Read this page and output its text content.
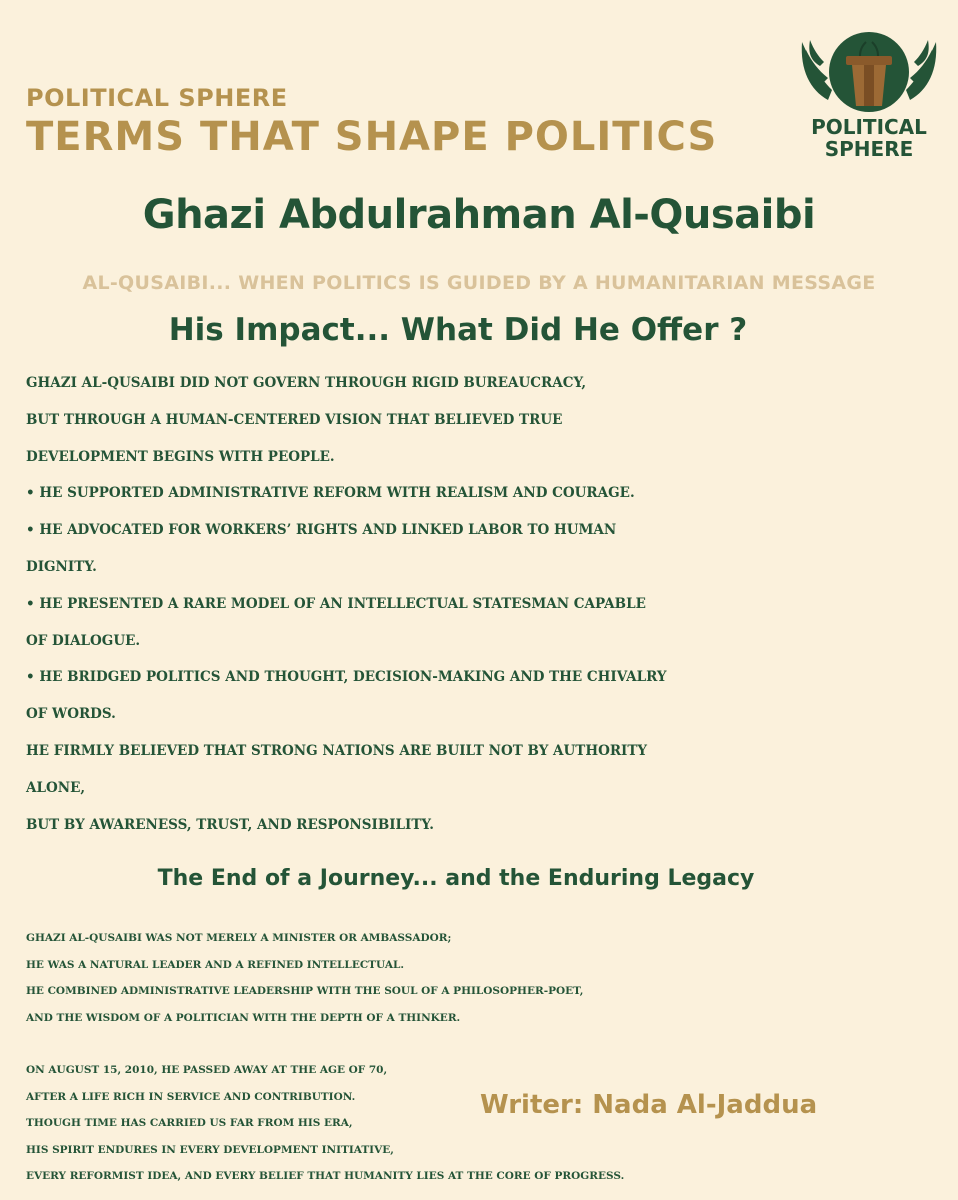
POLITICAL SPHERE
TERMS THAT SHAPE POLITICS	POLITICAL
SPHERE
Ghazi Abdulrahman Al-Qusaibi
AL-QUSAIBI... WHEN POLITICS IS GUIDED BY A HUMANITARIAN MESSAGE
His Impact... What Did He Offer ?
GHAZI AL-QUSAIBI DID NOT GOVERN THROUGH RIGID BUREAUCRACY,
BUT THROUGH A HUMAN-CENTERED VISION THAT BELIEVED TRUE
DEVELOPMENT BEGINS WITH PEOPLE.
• HE SUPPORTED ADMINISTRATIVE REFORM WITH REALISM AND COURAGE.
• HE ADVOCATED FOR WORKERS’ RIGHTS AND LINKED LABOR TO HUMAN
DIGNITY.
• HE PRESENTED A RARE MODEL OF AN INTELLECTUAL STATESMAN CAPABLE
OF DIALOGUE.
• HE BRIDGED POLITICS AND THOUGHT, DECISION-MAKING AND THE CHIVALRY
OF WORDS.
HE FIRMLY BELIEVED THAT STRONG NATIONS ARE BUILT NOT BY AUTHORITY
ALONE,
BUT BY AWARENESS, TRUST, AND RESPONSIBILITY.
The End of a Journey... and the Enduring Legacy
GHAZI AL-QUSAIBI WAS NOT MERELY A MINISTER OR AMBASSADOR;
HE WAS A NATURAL LEADER AND A REFINED INTELLECTUAL.
HE COMBINED ADMINISTRATIVE LEADERSHIP WITH THE SOUL OF A PHILOSOPHER-POET,
AND THE WISDOM OF A POLITICIAN WITH THE DEPTH OF A THINKER.
ON AUGUST 15, 2010, HE PASSED AWAY AT THE AGE OF 70,
AFTER A LIFE RICH IN SERVICE AND CONTRIBUTION.
THOUGH TIME HAS CARRIED US FAR FROM HIS ERA,
HIS SPIRIT ENDURES IN EVERY DEVELOPMENT INITIATIVE,
EVERY REFORMIST IDEA, AND EVERY BELIEF THAT HUMANITY LIES AT THE CORE OF PROGRESS.
Writer: Nada Al-Jaddua
